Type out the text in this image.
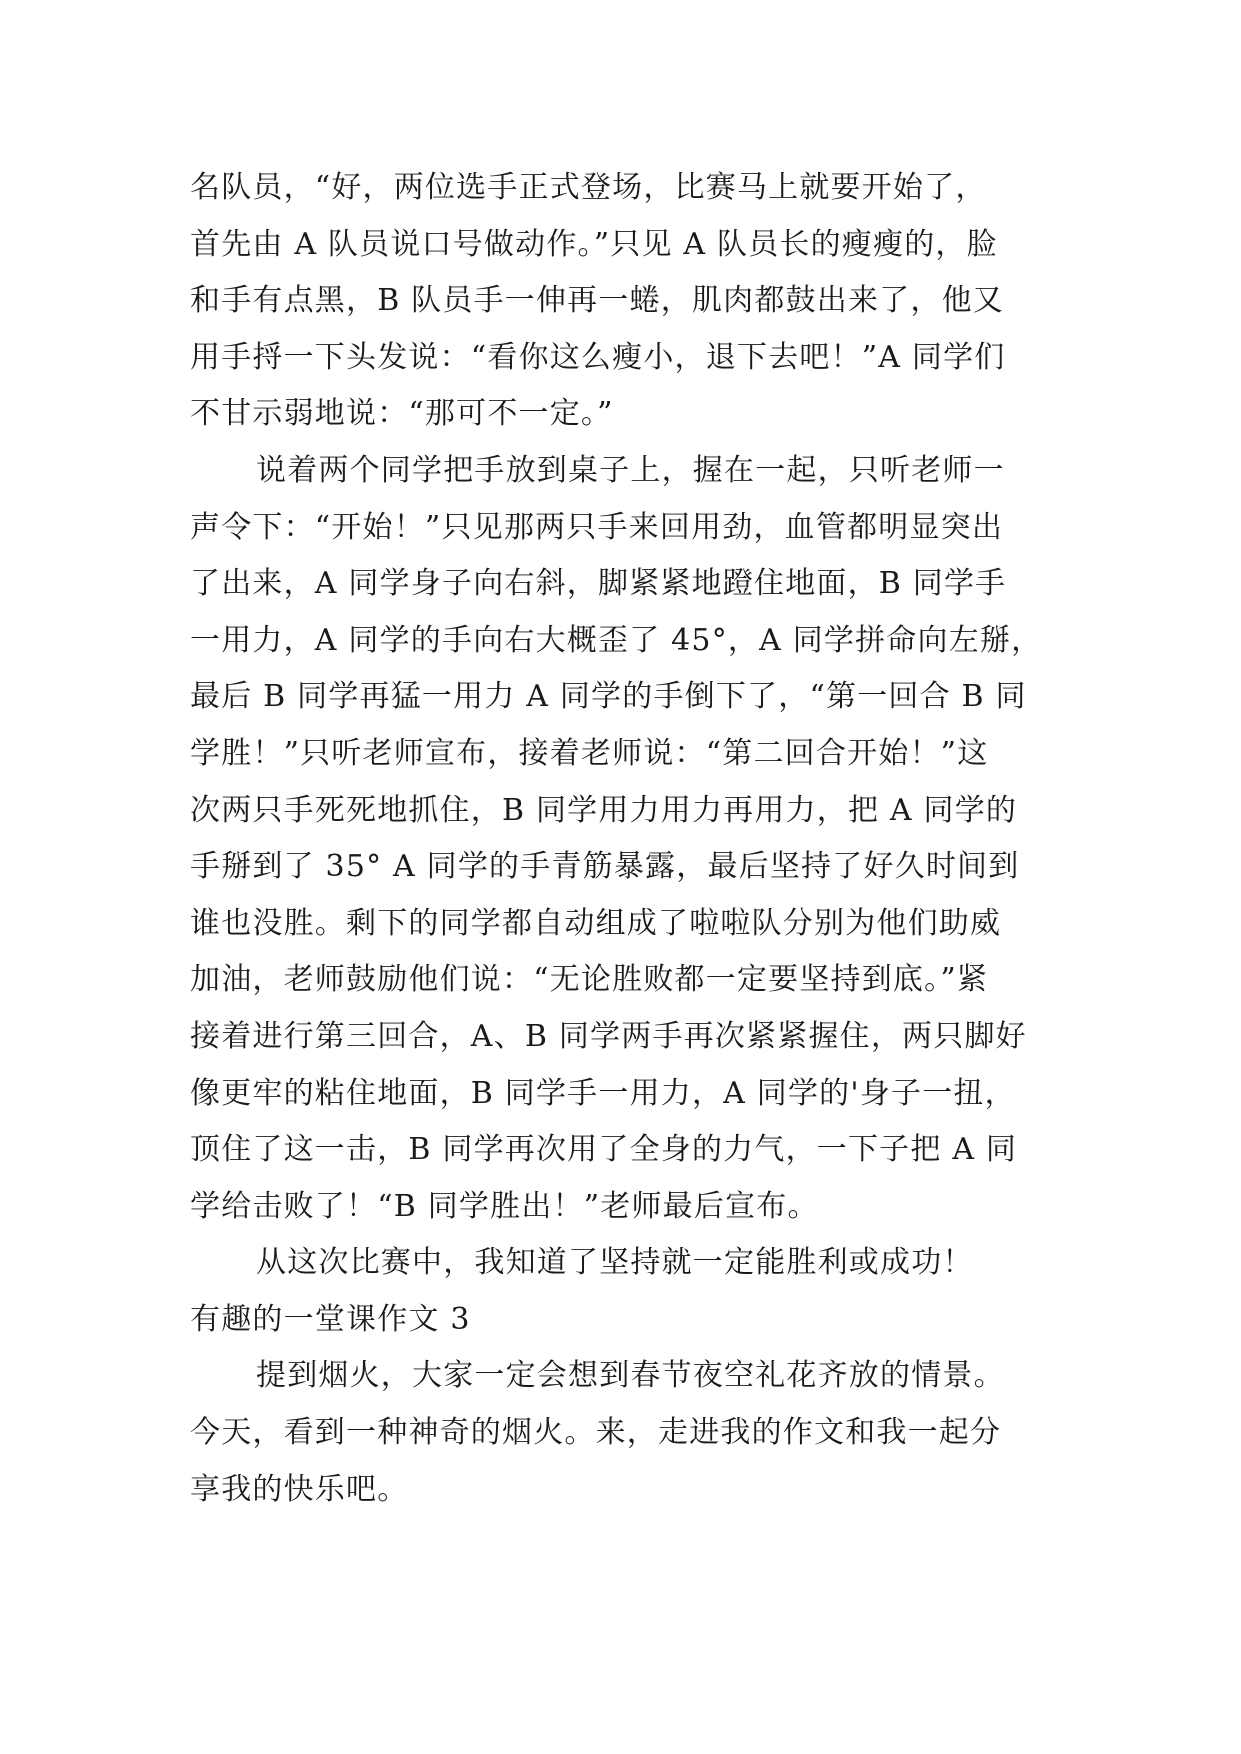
名队员，“好，两位选手正式登场，比赛马上就要开始了，
首先由 A 队员说口号做动作。”只见 A 队员长的瘦瘦的，脸
和手有点黑，B 队员手一伸再一蜷，肌肉都鼓出来了，他又
用手捋一下头发说：“看你这么瘦小，退下去吧！”A 同学们
不甘示弱地说：“那可不一定。”
说着两个同学把手放到桌子上，握在一起，只听老师一
声令下：“开始！”只见那两只手来回用劲，血管都明显突出
了出来，A 同学身子向右斜，脚紧紧地蹬住地面，B 同学手
一用力，A 同学的手向右大概歪了 45°，A 同学拼命向左掰，
最后 B 同学再猛一用力 A 同学的手倒下了，“第一回合 B 同
学胜！”只听老师宣布，接着老师说：“第二回合开始！”这
次两只手死死地抓住，B 同学用力用力再用力，把 A 同学的
手掰到了 35° A 同学的手青筋暴露，最后坚持了好久时间到
谁也没胜。剩下的同学都自动组成了啦啦队分别为他们助威
加油，老师鼓励他们说：“无论胜败都一定要坚持到底。”紧
接着进行第三回合，A、B 同学两手再次紧紧握住，两只脚好
像更牢的粘住地面，B 同学手一用力，A 同学的'身子一扭，
顶住了这一击，B 同学再次用了全身的力气，一下子把 A 同
学给击败了！“B 同学胜出！”老师最后宣布。
从这次比赛中，我知道了坚持就一定能胜利或成功！
有趣的一堂课作文 3
提到烟火，大家一定会想到春节夜空礼花齐放的情景。
今天，看到一种神奇的烟火。来，走进我的作文和我一起分
享我的快乐吧。
